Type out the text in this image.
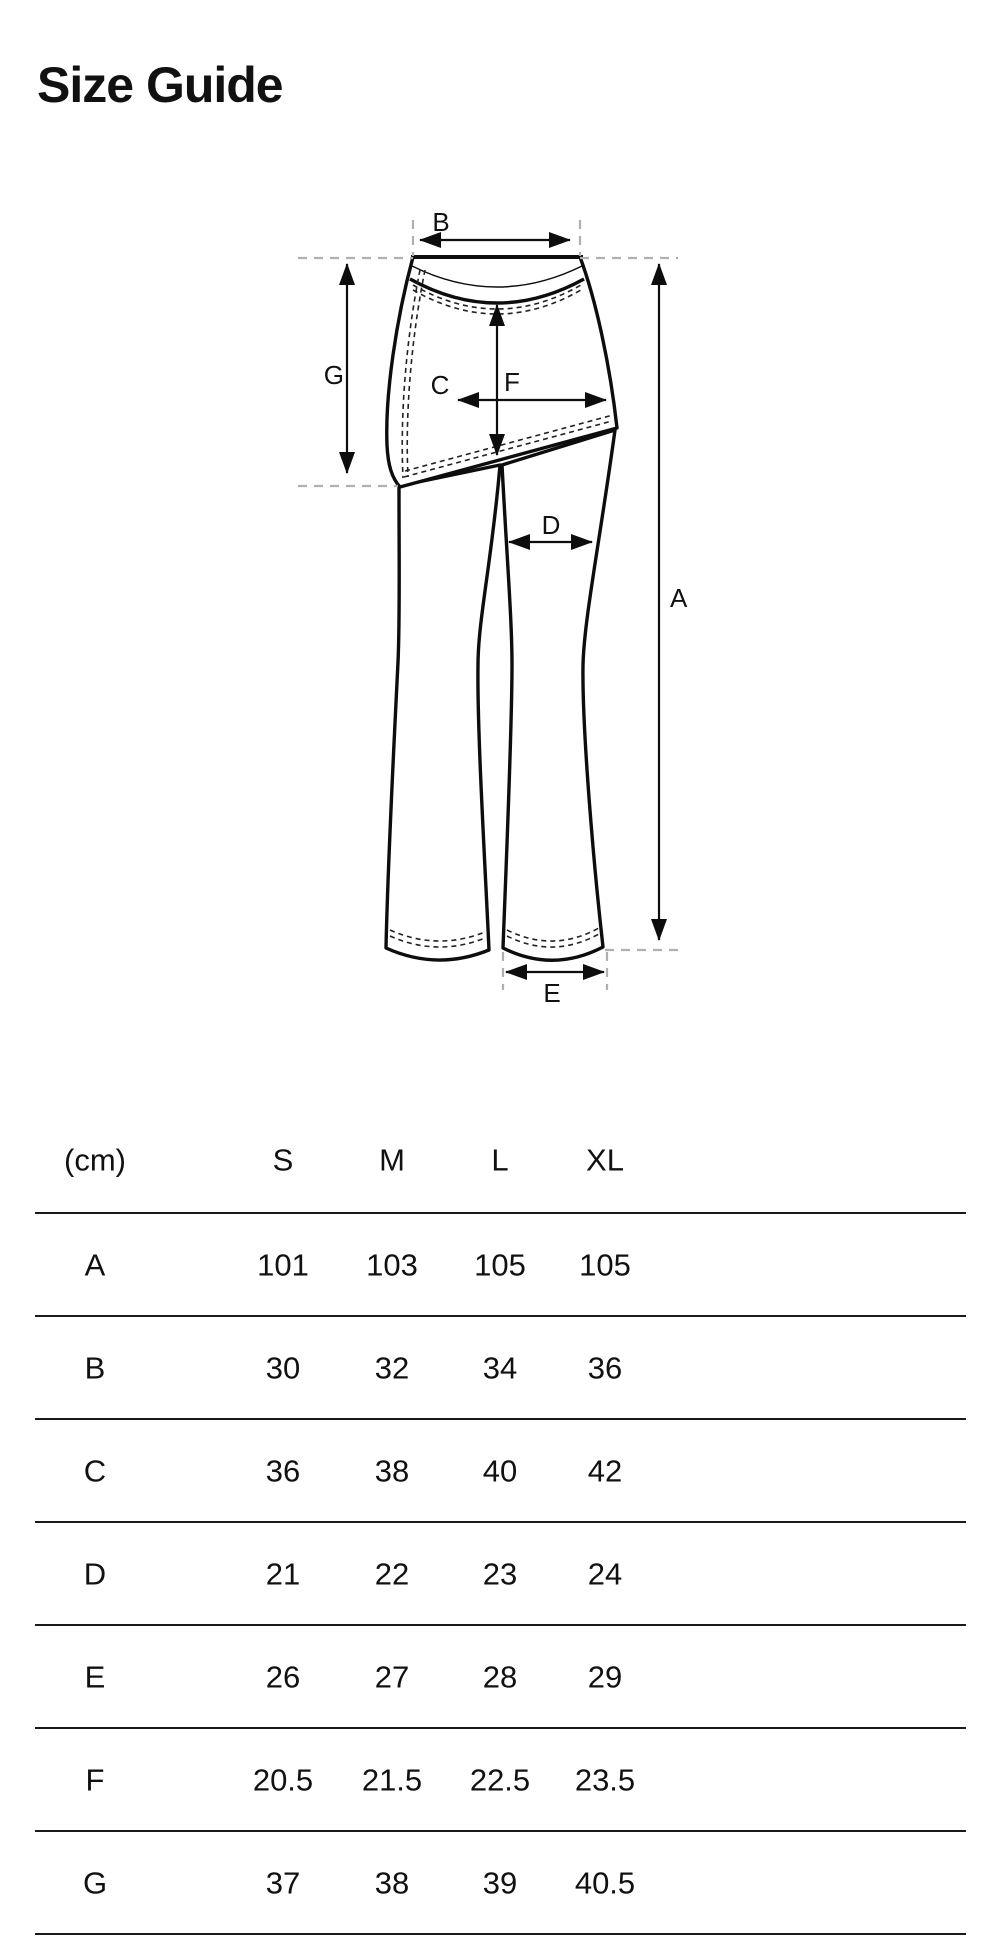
Size Guide
B
G	C F
D
A
E
(cm)	S	M	L XL
A	101 103 105 105
B	30 32 34 36
C	36 38 40 42
D	21 22 23 24
E	26 27 28 29
F	20.5 21.5 22.5 23.5
G	37 38 39 40.5
